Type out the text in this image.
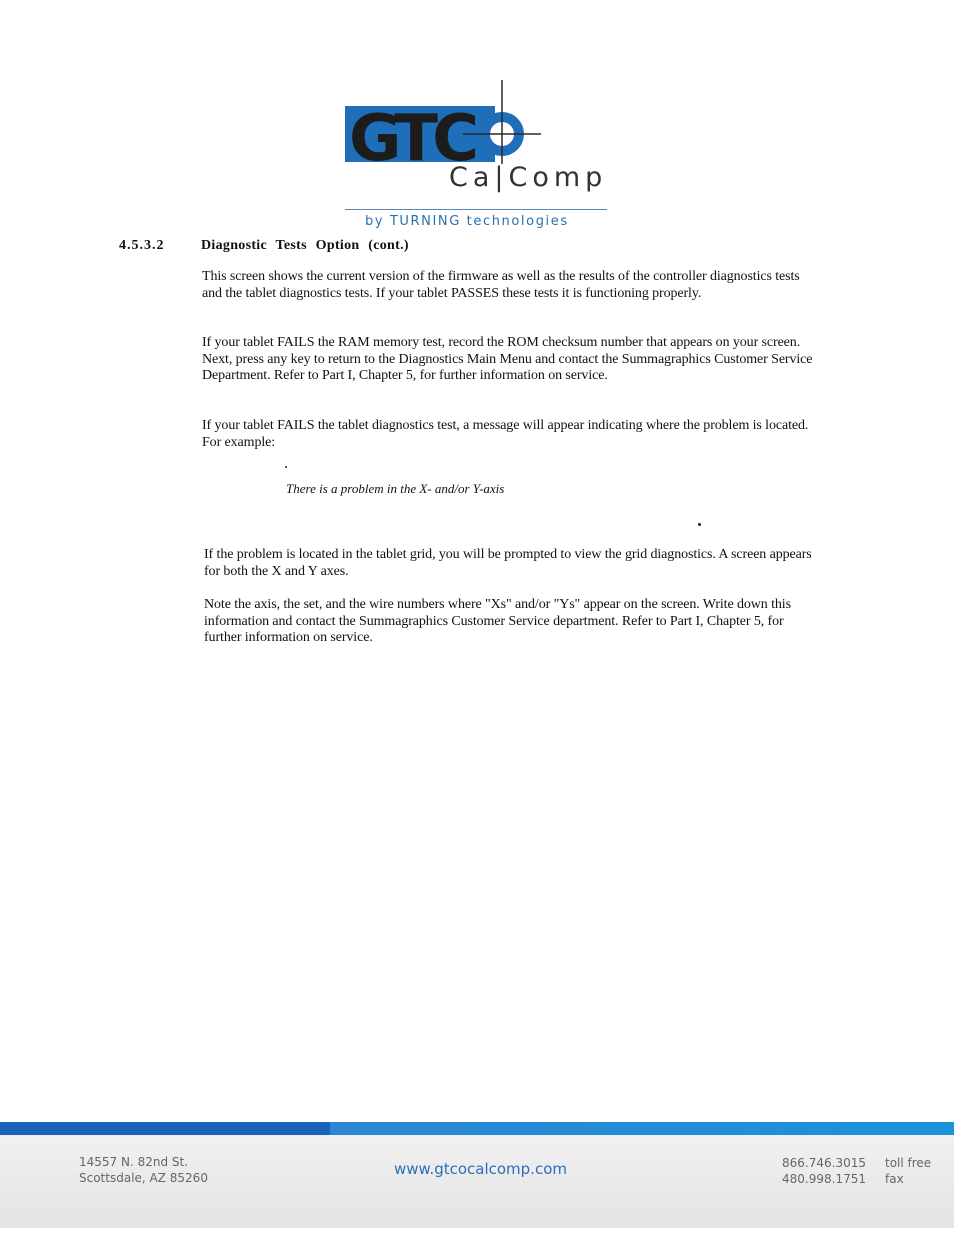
GTC
Ca|Comp
by TURNING technologies
4.5.3.2	Diagnostic Tests Option (cont.)

This screen shows the current version of the firmware as well as the results of the controller diagnostics tests and the tablet diagnostics tests. If your tablet PASSES these tests it is functioning properly.

If your tablet FAILS the RAM memory test, record the ROM checksum number that appears on your screen. Next, press any key to return to the Diagnostics Main Menu and contact the Summagraphics Customer Service Department. Refer to Part I, Chapter 5, for further information on service.

If your tablet FAILS the tablet diagnostics test, a message will appear indicating where the problem is located. For example:

There is a problem in the X- and/or Y-axis

If the problem is located in the tablet grid, you will be prompted to view the grid diagnostics. A screen appears for both the X and Y axes.

Note the axis, the set, and the wire numbers where "Xs" and/or "Ys" appear on the screen. Write down this information and contact the Summagraphics Customer Service department. Refer to Part I, Chapter 5, for further information on service.

14557 N. 82nd St.
Scottsdale, AZ 85260	www.gtcocalcomp.com	866.746.3015 toll free
480.998.1751 fax
